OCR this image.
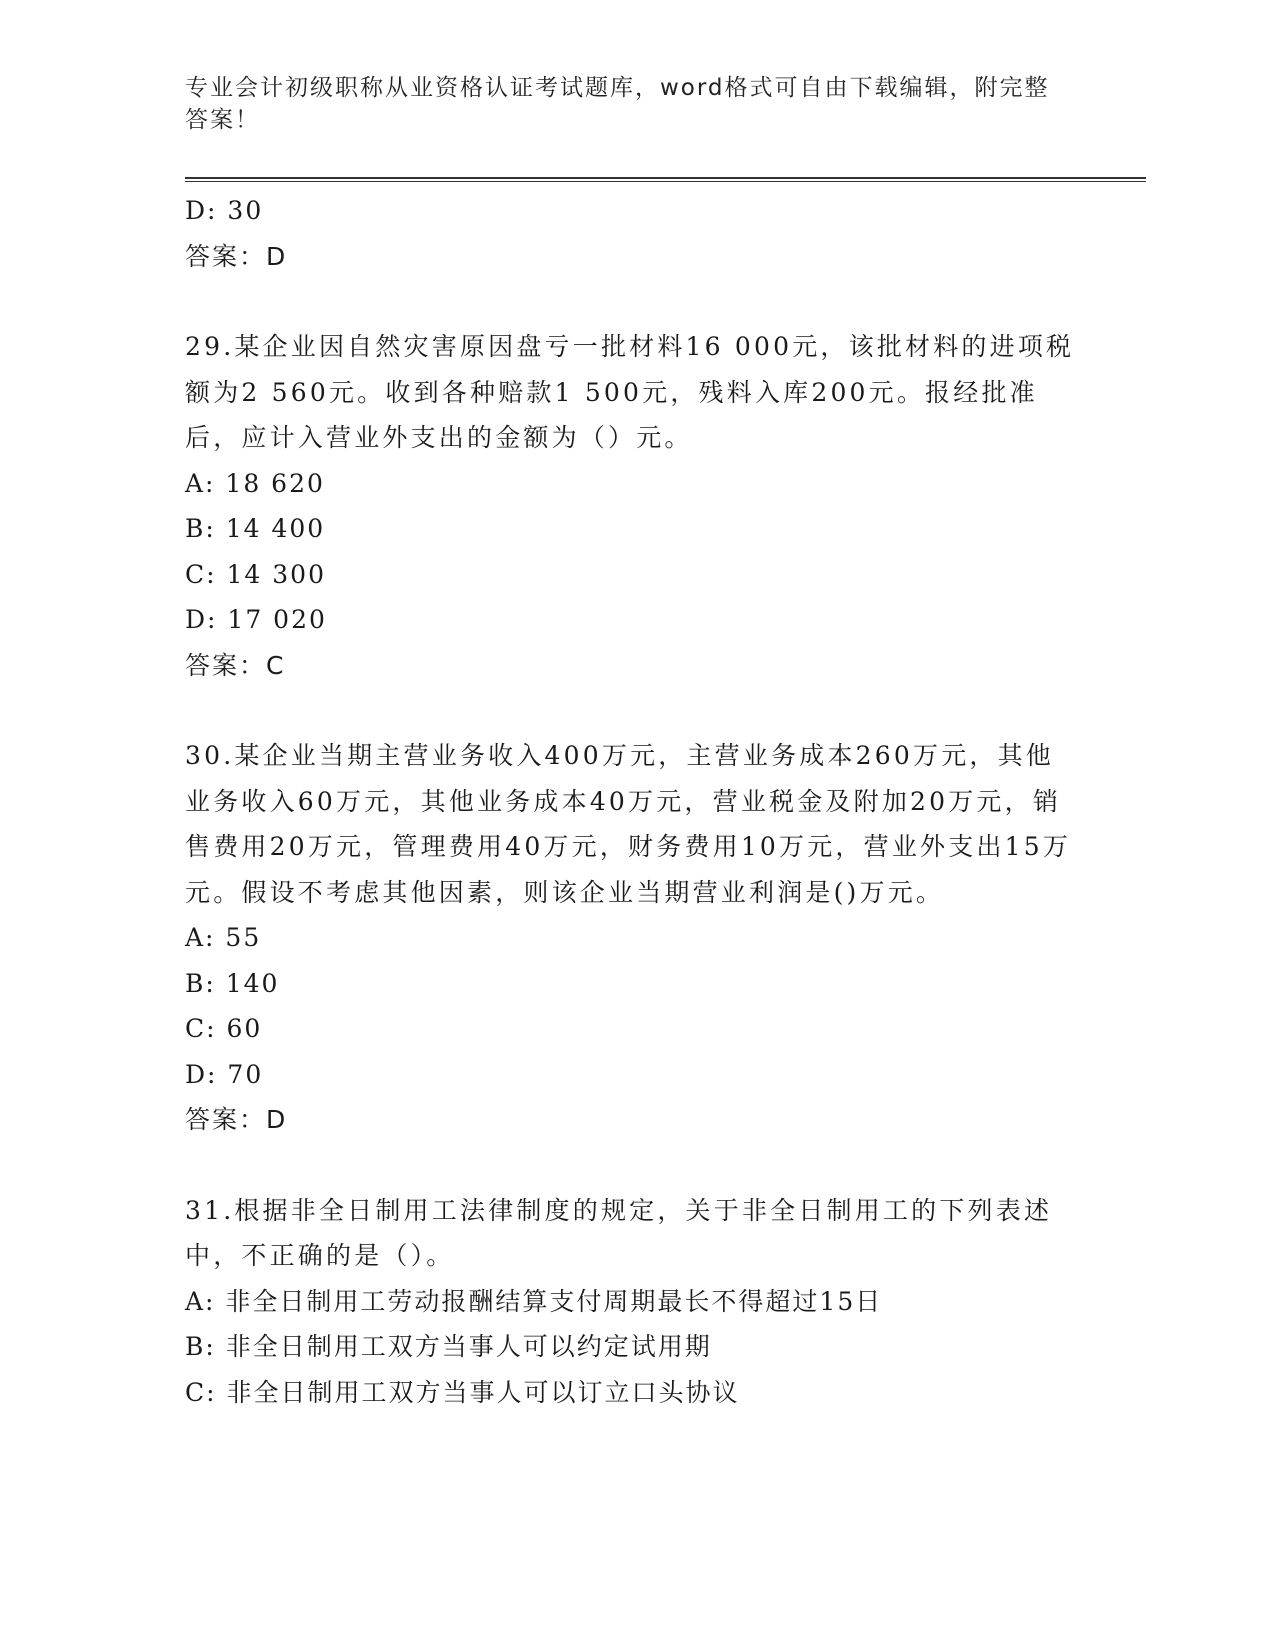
专业会计初级职称从业资格认证考试题库，word格式可自由下载编辑，附完整答案！
D: 30
答案：D
29.某企业因自然灾害原因盘亏一批材料16 000元，该批材料的进项税额为2 560元。收到各种赔款1 500元，残料入库200元。报经批准后，应计入营业外支出的金额为（）元。
A: 18 620
B: 14 400
C: 14 300
D: 17 020
答案：C
30.某企业当期主营业务收入400万元，主营业务成本260万元，其他业务收入60万元，其他业务成本40万元，营业税金及附加20万元，销售费用20万元，管理费用40万元，财务费用10万元，营业外支出15万元。假设不考虑其他因素，则该企业当期营业利润是()万元。
A: 55
B: 140
C: 60
D: 70
答案：D
31.根据非全日制用工法律制度的规定，关于非全日制用工的下列表述中，不正确的是（）。
A: 非全日制用工劳动报酬结算支付周期最长不得超过15日
B: 非全日制用工双方当事人可以约定试用期
C: 非全日制用工双方当事人可以订立口头协议
